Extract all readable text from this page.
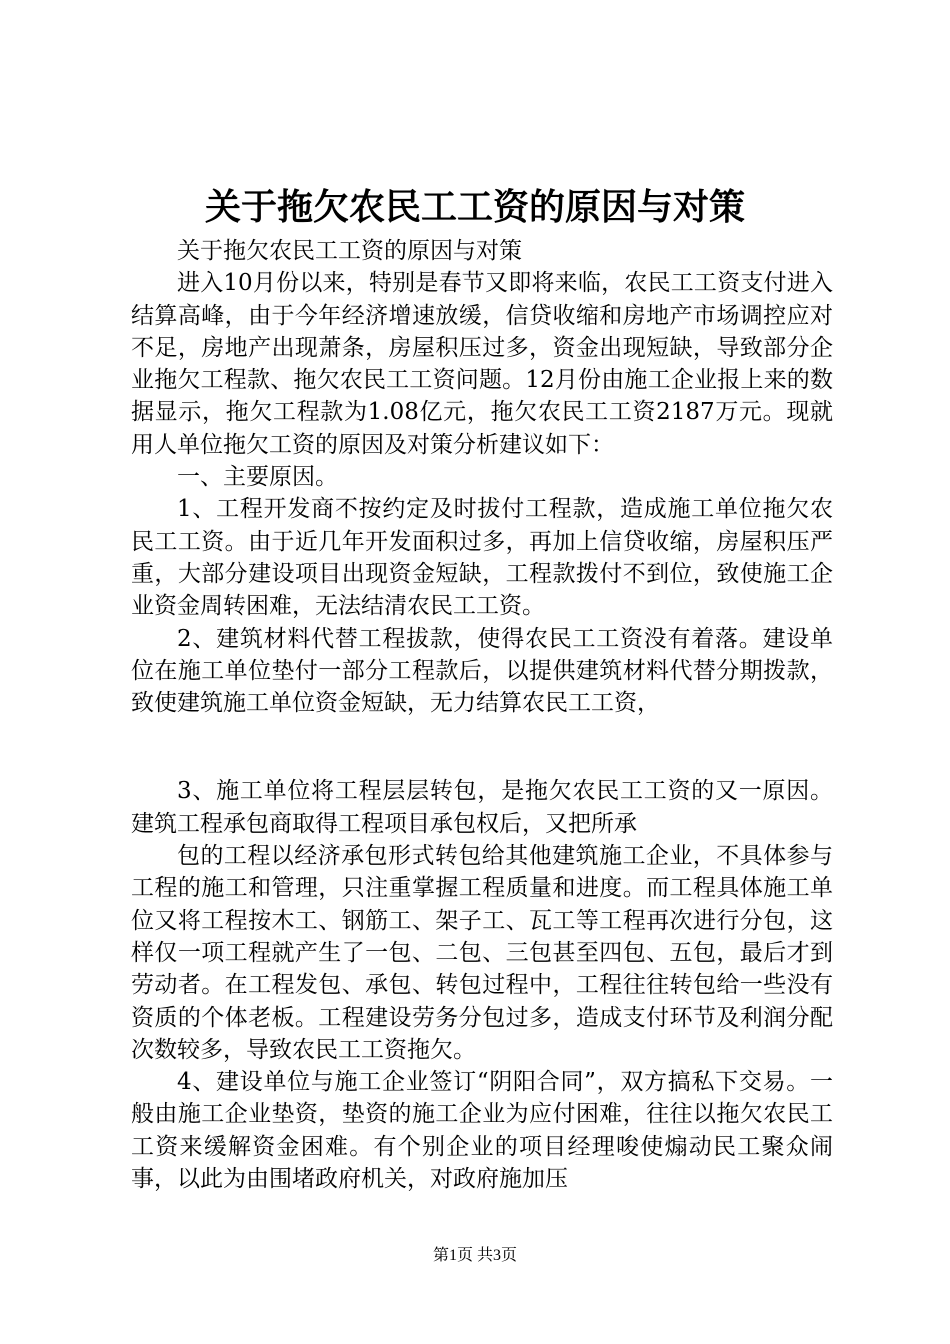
关于拖欠农民工工资的原因与对策

关于拖欠农民工工资的原因与对策

进入10月份以来，特别是春节又即将来临，农民工工资支付进入结算高峰，由于今年经济增速放缓，信贷收缩和房地产市场调控应对不足，房地产出现萧条，房屋积压过多，资金出现短缺，导致部分企业拖欠工程款、拖欠农民工工资问题。12月份由施工企业报上来的数据显示，拖欠工程款为1.08亿元，拖欠农民工工资2187万元。现就用人单位拖欠工资的原因及对策分析建议如下：

一、主要原因。

1、工程开发商不按约定及时拔付工程款，造成施工单位拖欠农民工工资。由于近几年开发面积过多，再加上信贷收缩，房屋积压严重，大部分建设项目出现资金短缺，工程款拨付不到位，致使施工企业资金周转困难，无法结清农民工工资。

2、建筑材料代替工程拔款，使得农民工工资没有着落。建设单位在施工单位垫付一部分工程款后，以提供建筑材料代替分期拨款，致使建筑施工单位资金短缺，无力结算农民工工资，

3、施工单位将工程层层转包，是拖欠农民工工资的又一原因。建筑工程承包商取得工程项目承包权后，又把所承

包的工程以经济承包形式转包给其他建筑施工企业，不具体参与工程的施工和管理，只注重掌握工程质量和进度。而工程具体施工单位又将工程按木工、钢筋工、架子工、瓦工等工程再次进行分包，这样仅一项工程就产生了一包、二包、三包甚至四包、五包，最后才到劳动者。在工程发包、承包、转包过程中，工程往往转包给一些没有资质的个体老板。工程建设劳务分包过多，造成支付环节及利润分配次数较多，导致农民工工资拖欠。

4、建设单位与施工企业签订“阴阳合同”，双方搞私下交易。一般由施工企业垫资，垫资的施工企业为应付困难，往往以拖欠农民工工资来缓解资金困难。有个别企业的项目经理唆使煽动民工聚众闹事，以此为由围堵政府机关，对政府施加压

第1页 共3页
